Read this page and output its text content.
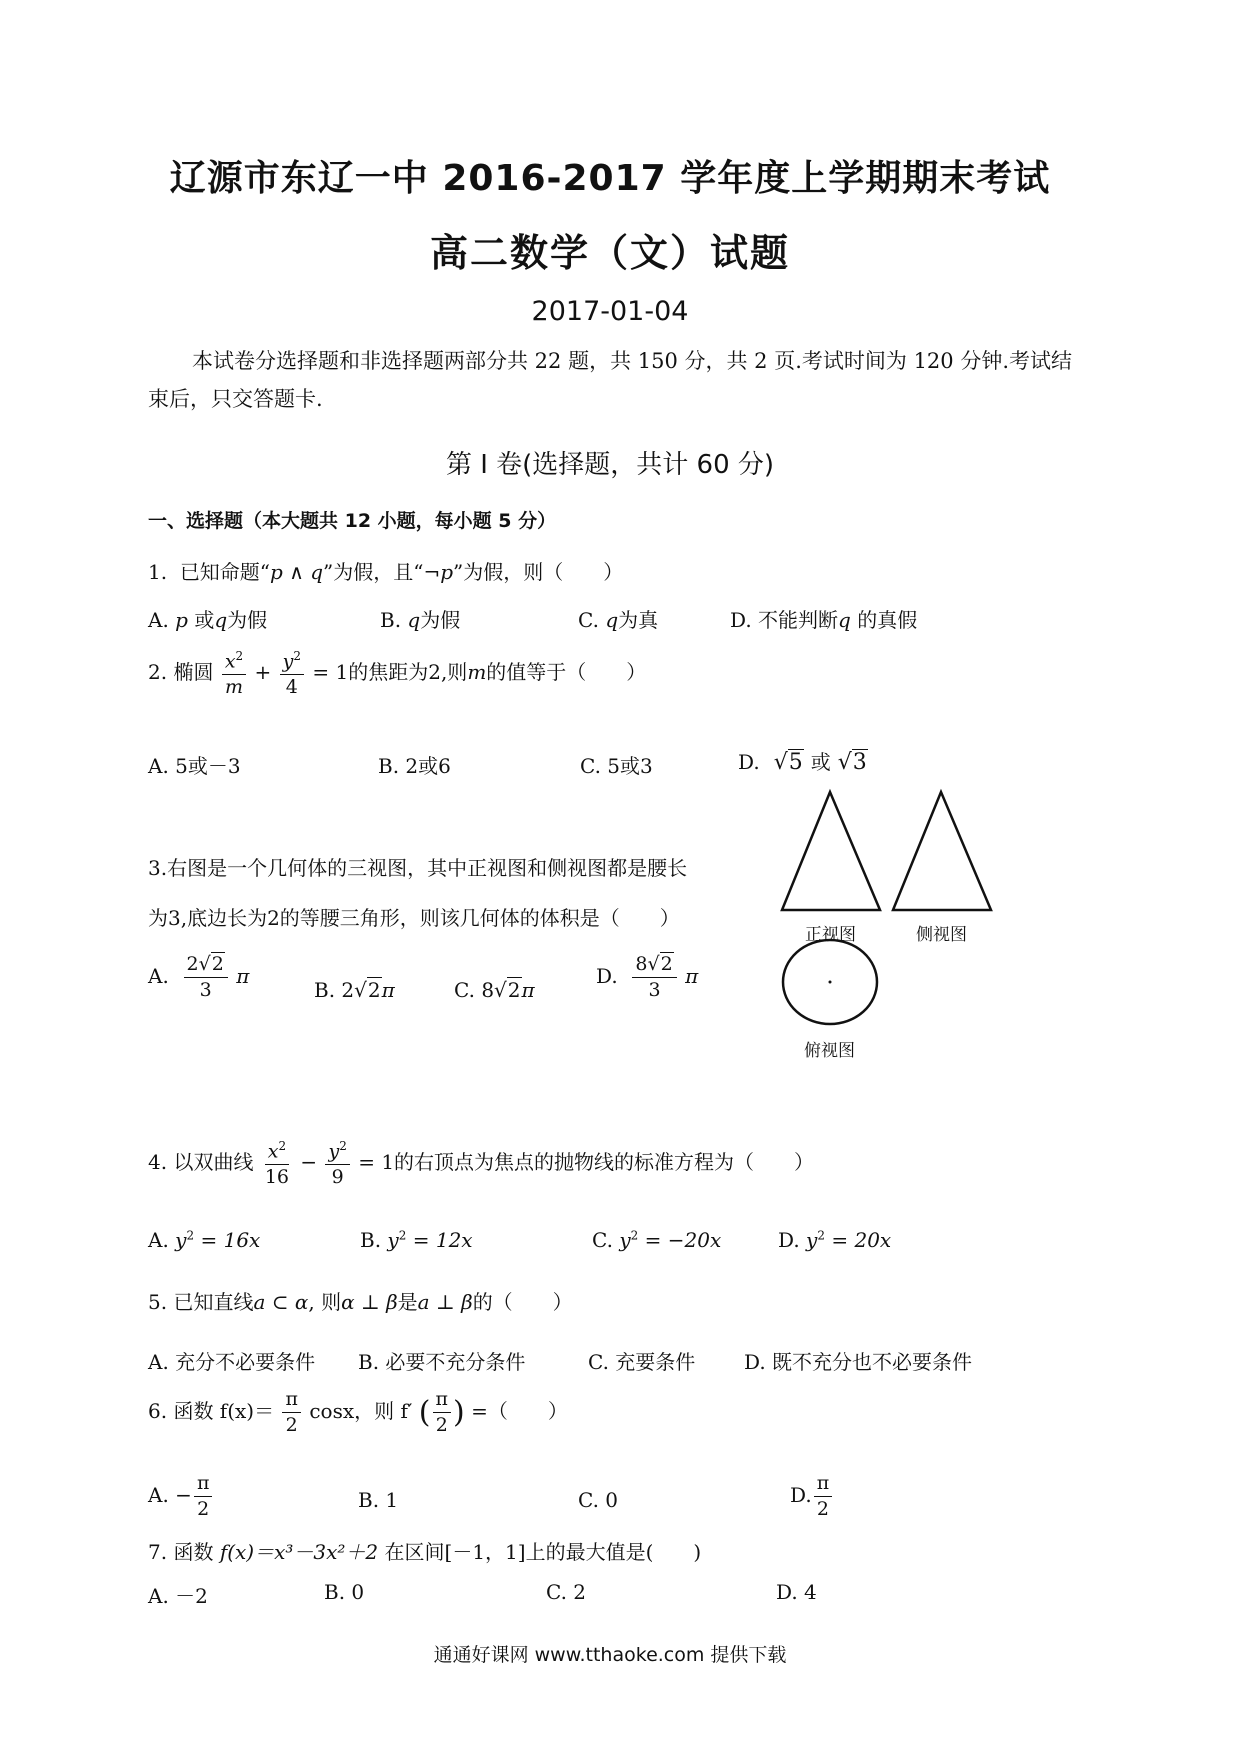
辽源市东辽一中 2016-2017 学年度上学期期末考试
高二数学（文）试题
2017-01-04
本试卷分选择题和非选择题两部分共 22 题，共 150 分，共 2 页.考试时间为 120 分钟.考试结束后，只交答题卡.
第 I 卷(选择题，共计 60 分)
一、选择题（本大题共 12 小题，每小题 5 分）
1. 已知命题“p ∧ q”为假，且“¬p”为假，则（　　）
A. p 或q为假	B. q为假	C. q为真	D. 不能判断q 的真假
2. 椭圆 $\frac{x^2}{m} + \frac{y^2}{4} = 1$的焦距为2,则m的值等于（　　）
A. 5或－3	B. 2或6	C. 5或3	D. √5 或 √3
3.右图是一个几何体的三视图，其中正视图和侧视图都是腰长
为3,底边长为2的等腰三角形，则该几何体的体积是（　　）
A. $\frac{2√2}{3}$ π
B. 2√2π	C. 8√2π
D. $\frac{8√2}{3}$ π
正视图	侧视图
俯视图
4. 以双曲线 $\frac{x^2}{16} - \frac{y^2}{9} = 1$的右顶点为焦点的抛物线的标准方程为（　　）
A. $y^2 = 16x$	B. $y^2 = 12x$	C. $y^2 = -20x$	D. $y^2 = 20x$
5. 已知直线a ⊂ α, 则α ⊥ β是a ⊥ β的（　　）
A. 充分不必要条件 B. 必要不充分条件	C. 充要条件 D. 既不充分也不必要条件
6. 函数 $f(x)= \frac{\pi}{2}$ cosx，则 f′ ( $\frac{\pi}{2}$ ) =（　　）
A. − $\frac{\pi}{2}$	B. 1	C. 0	D. $\frac{\pi}{2}$
7. 函数 f(x)＝x³－3x²＋2 在区间[－1，1]上的最大值是(　　)
A. －2	B. 0	C. 2	D. 4
通通好课网 www.tthaoke.com 提供下载
